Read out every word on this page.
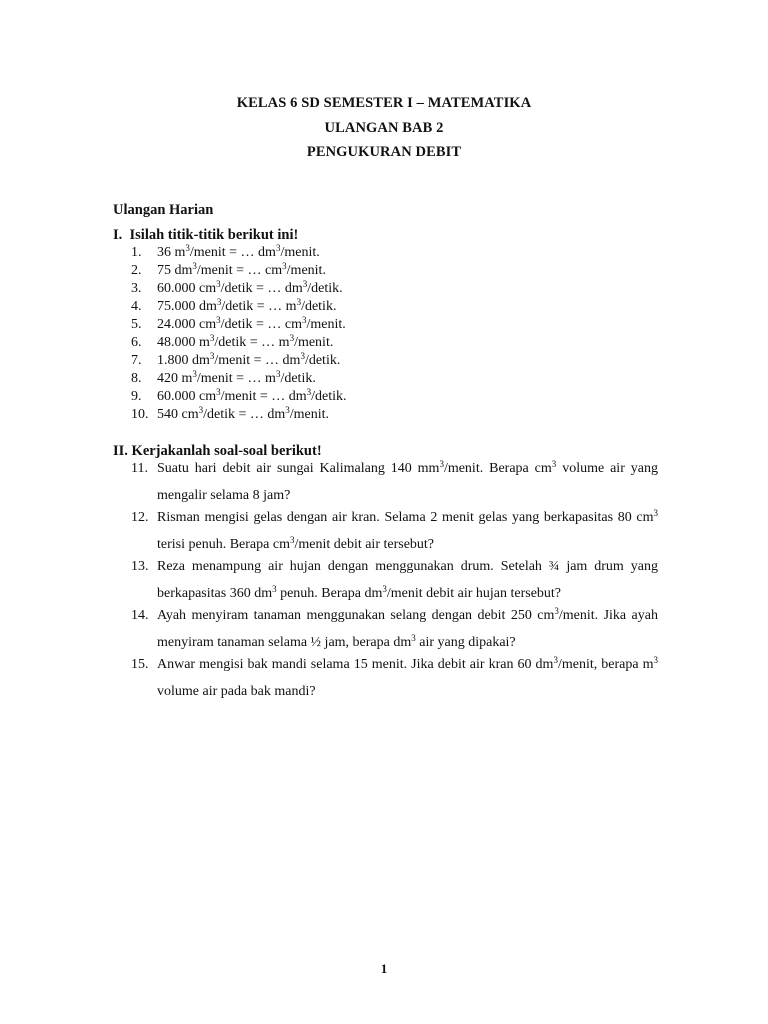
KELAS 6 SD SEMESTER I – MATEMATIKA

ULANGAN BAB 2

PENGUKURAN DEBIT

Ulangan Harian
I.  Isilah titik-titik berikut ini!
1.	36 $m^3$/menit = … $dm^3$/menit.
2.	75 $dm^3$/menit = … $cm^3$/menit.
3.	60.000 $cm^3$/detik = … $dm^3$/detik.
4.	75.000 $dm^3$/detik = … $m^3$/detik.
5.	24.000 $cm^3$/detik = … $cm^3$/menit.
6.	48.000 $m^3$/detik = … $m^3$/menit.
7.	1.800 $dm^3$/menit = … $dm^3$/detik.
8.	420 $m^3$/menit = … $m^3$/detik.
9.	60.000 $cm^3$/menit = … $dm^3$/detik.
10. 540 $cm^3$/detik = … $dm^3$/menit.
II. Kerjakanlah soal-soal berikut!
11. Suatu hari debit air sungai Kalimalang 140 $mm^3$/menit. Berapa $cm^3$ volume air yang mengalir selama 8 jam?
12. Risman mengisi gelas dengan air kran. Selama 2 menit gelas yang berkapasitas 80 $cm^3$ terisi penuh. Berapa $cm^3$/menit debit air tersebut?
13. Reza menampung air hujan dengan menggunakan drum. Setelah ¾ jam drum yang berkapasitas 360 $dm^3$ penuh. Berapa $dm^3$/menit debit air hujan tersebut?
14. Ayah menyiram tanaman menggunakan selang dengan debit 250 $cm^3$/menit. Jika ayah menyiram tanaman selama ½ jam, berapa $dm^3$ air yang dipakai?
15. Anwar mengisi bak mandi selama 15 menit. Jika debit air kran 60 $dm^3$/menit, berapa $m^3$ volume air pada bak mandi?
1
